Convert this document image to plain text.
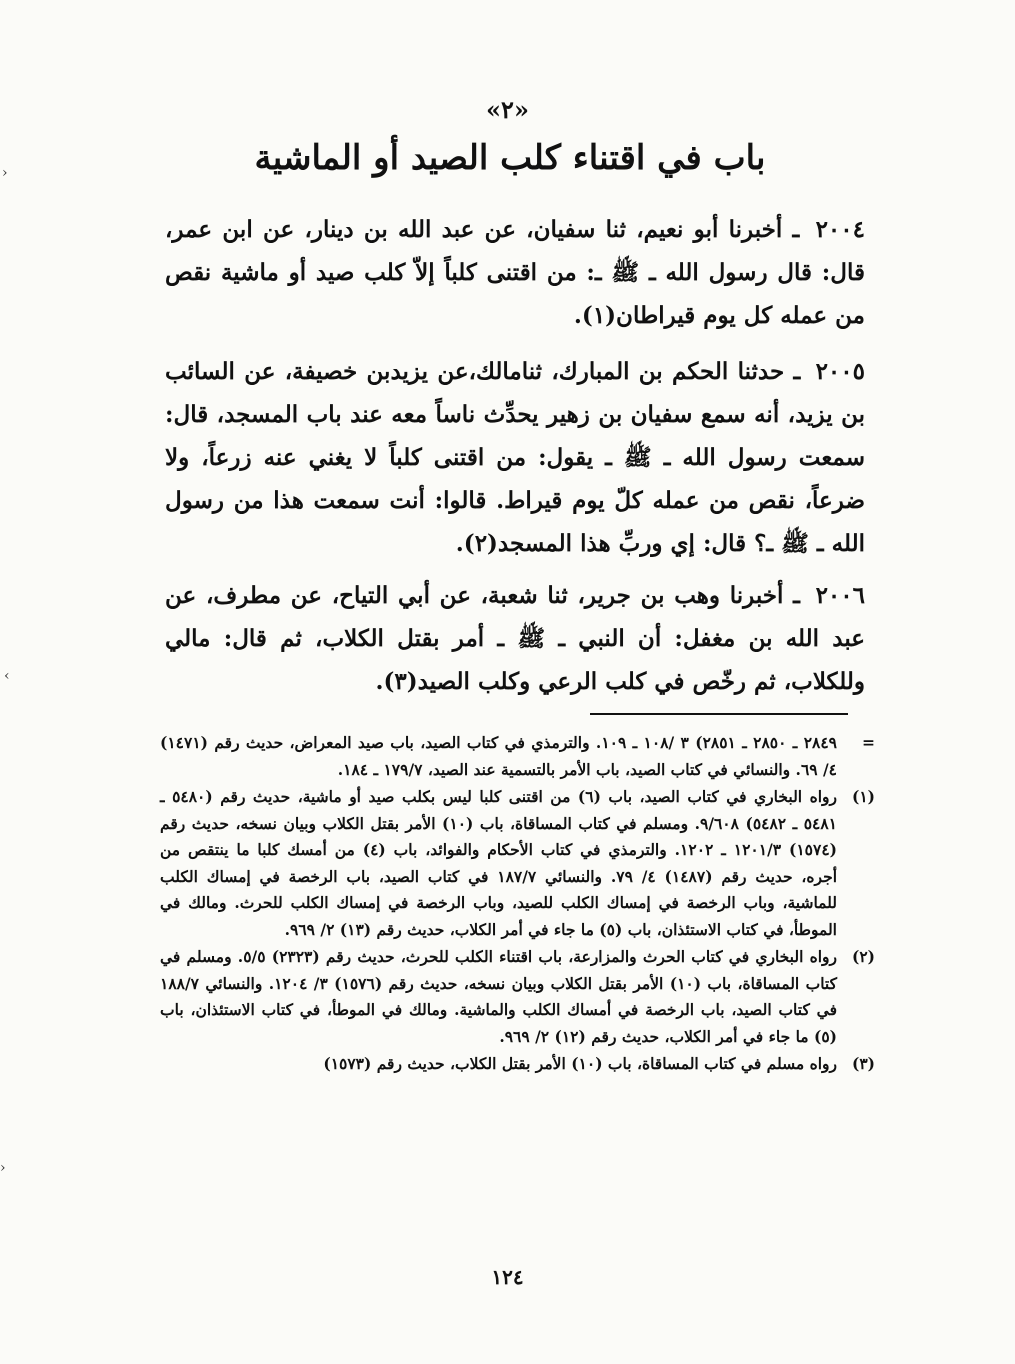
«٢»
باب في اقتناء كلب الصيد أو الماشية
٢٠٠٤ ـ أخبرنا أبو نعيم، ثنا سفيان، عن عبد الله بن دينار، عن ابن عمر، قال: قال رسول الله ـ ﷺ ـ: من اقتنى كلباً إلاّ كلب صيد أو ماشية نقص من عمله كل يوم قيراطان(١).
٢٠٠٥ ـ حدثنا الحكم بن المبارك، ثنامالك،عن يزيدبن خصيفة، عن السائب بن يزيد، أنه سمع سفيان بن زهير يحدِّث ناساً معه عند باب المسجد، قال: سمعت رسول الله ـ ﷺ ـ يقول: من اقتنى كلباً لا يغني عنه زرعاً، ولا ضرعاً، نقص من عمله كلّ يوم قيراط. قالوا: أنت سمعت هذا من رسول الله ـ ﷺ ـ؟ قال: إي وربِّ هذا المسجد(٢).
٢٠٠٦ ـ أخبرنا وهب بن جرير، ثنا شعبة، عن أبي التياح، عن مطرف، عن عبد الله بن مغفل: أن النبي ـ ﷺ ـ أمر بقتل الكلاب، ثم قال: مالي وللكلاب، ثم رخّص في كلب الرعي وكلب الصيد(٣).
=
٢٨٤٩ ـ ٢٨٥٠ ـ ٢٨٥١) ٣ /١٠٨ ـ ١٠٩. والترمذي في كتاب الصيد، باب صيد المعراض، حديث رقم (١٤٧١) ٤/ ٦٩. والنسائي في كتاب الصيد، باب الأمر بالتسمية عند الصيد، ١٧٩/٧ ـ ١٨٤.
(١)
رواه البخاري في كتاب الصيد، باب (٦) من اقتنى كلبا ليس بكلب صيد أو ماشية، حديث رقم (٥٤٨٠ ـ ٥٤٨١ ـ ٥٤٨٢) ٩/٦٠٨. ومسلم في كتاب المساقاة، باب (١٠) الأمر بقتل الكلاب وبيان نسخه، حديث رقم (١٥٧٤) ١٢٠١/٣ ـ ١٢٠٢. والترمذي في كتاب الأحكام والفوائد، باب (٤) من أمسك كلبا ما ينتقص من أجره، حديث رقم (١٤٨٧) ٤/ ٧٩. والنسائي ١٨٧/٧ في كتاب الصيد، باب الرخصة في إمساك الكلب للماشية، وباب الرخصة في إمساك الكلب للصيد، وباب الرخصة في إمساك الكلب للحرث. ومالك في الموطأ، في كتاب الاستئذان، باب (٥) ما جاء في أمر الكلاب، حديث رقم (١٣) ٢/ ٩٦٩.
(٢)
رواه البخاري في كتاب الحرث والمزارعة، باب اقتناء الكلب للحرث، حديث رقم (٢٣٢٣) ٥/٥. ومسلم في كتاب المساقاة، باب (١٠) الأمر بقتل الكلاب وبيان نسخه، حديث رقم (١٥٧٦) ٣/ ١٢٠٤. والنسائي ١٨٨/٧ في كتاب الصيد، باب الرخصة في أمساك الكلب والماشية. ومالك في الموطأ، في كتاب الاستئذان، باب (٥) ما جاء في أمر الكلاب، حديث رقم (١٢) ٢/ ٩٦٩.
(٣)
رواه مسلم في كتاب المساقاة، باب (١٠) الأمر بقتل الكلاب، حديث رقم (١٥٧٣)
١٢٤
›
‹
›
